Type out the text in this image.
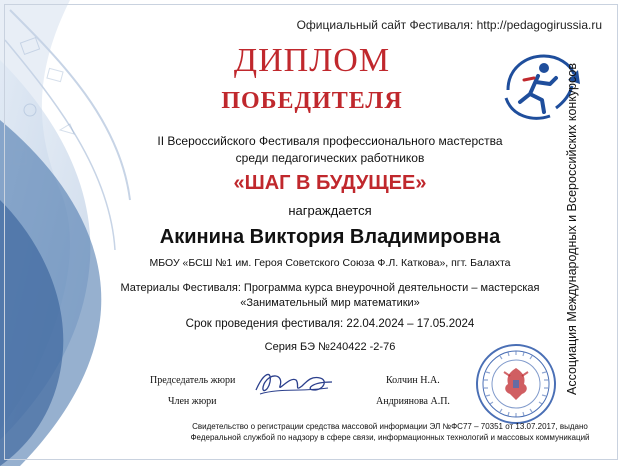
Официальный сайт Фестиваля: http://pedagogirussia.ru
ДИПЛОМ
ПОБЕДИТЕЛЯ
II Всероссийского Фестиваля профессионального мастерства
среди педагогических работников
«ШАГ В БУДУЩЕЕ»
награждается
Акинина Виктория Владимировна
МБОУ «БСШ №1 им. Героя Советского Союза Ф.Л. Каткова», пгт. Балахта
Материалы Фестиваля: Программа курса внеурочной деятельности – мастерская
«Занимательный мир математики»
Срок проведения фестиваля: 22.04.2024 – 17.05.2024
Серия БЭ №240422 -2-76
Председатель жюри	Колчин Н.А.
Член жюри	Андриянова А.П.
Ассоциация Международных и Всероссийских конкурсов
Свидетельство о регистрации средства массовой информации ЭЛ №ФС77 – 70351 от 13.07.2017, выдано
Федеральной службой по надзору в сфере связи, информационных технологий и массовых коммуникаций
